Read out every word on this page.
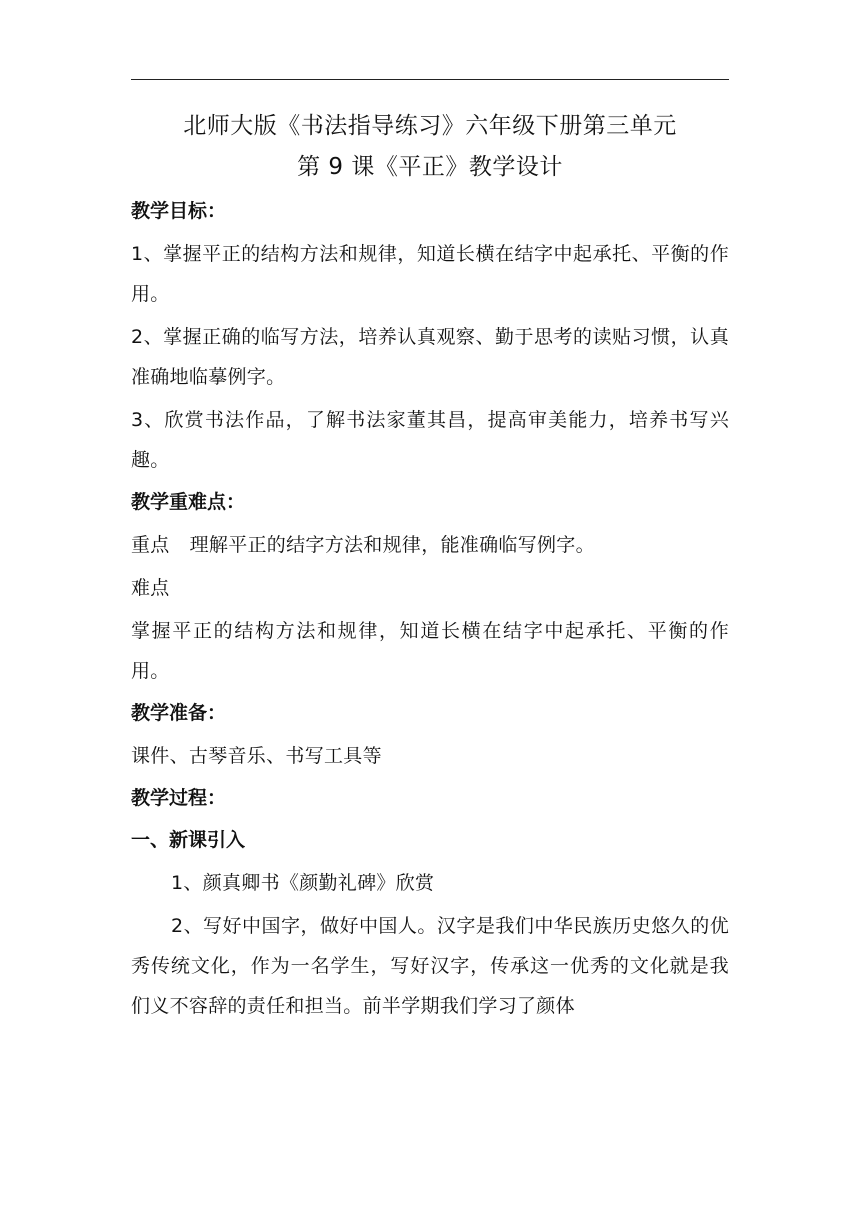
北师大版《书法指导练习》六年级下册第三单元
第 9 课《平正》教学设计
教学目标：

1、掌握平正的结构方法和规律，知道长横在结字中起承托、平衡的作用。

2、掌握正确的临写方法，培养认真观察、勤于思考的读贴习惯，认真准确地临摹例字。

3、欣赏书法作品，了解书法家董其昌，提高审美能力，培养书写兴趣。

教学重难点：

重点 理解平正的结字方法和规律，能准确临写例字。

难点

掌握平正的结构方法和规律，知道长横在结字中起承托、平衡的作用。

教学准备：

课件、古琴音乐、书写工具等

教学过程：
一、新课引入

1、颜真卿书《颜勤礼碑》欣赏

2、写好中国字，做好中国人。汉字是我们中华民族历史悠久的优秀传统文化，作为一名学生，写好汉字，传承这一优秀的文化就是我们义不容辞的责任和担当。前半学期我们学习了颜体
